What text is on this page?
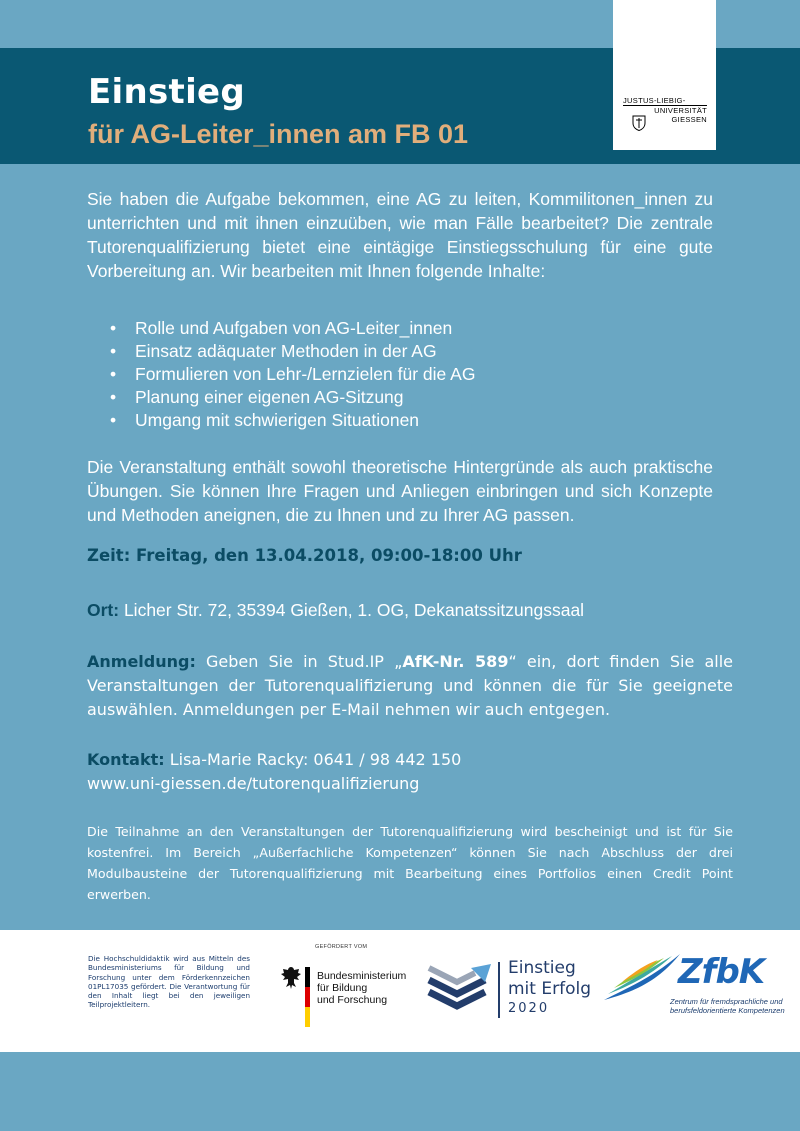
Einstieg
für AG-Leiter_innen am FB 01
JUSTUS-LIEBIG-
UNIVERSITÄT
GIESSEN
Sie haben die Aufgabe bekommen, eine AG zu leiten, Kommilitonen_innen zu unterrichten und mit ihnen einzuüben, wie man Fälle bearbeitet? Die zentrale Tutorenqualifizierung bietet eine eintägige Einstiegsschulung für eine gute Vorbereitung an. Wir bearbeiten mit Ihnen folgende Inhalte:
• Rolle und Aufgaben von AG-Leiter_innen
• Einsatz adäquater Methoden in der AG
• Formulieren von Lehr-/Lernzielen für die AG
• Planung einer eigenen AG-Sitzung
• Umgang mit schwierigen Situationen
Die Veranstaltung enthält sowohl theoretische Hintergründe als auch praktische Übungen. Sie können Ihre Fragen und Anliegen einbringen und sich Konzepte und Methoden aneignen, die zu Ihnen und zu Ihrer AG passen.
Zeit: Freitag, den 13.04.2018, 09:00-18:00 Uhr
Ort: Licher Str. 72, 35394 Gießen, 1. OG, Dekanatssitzungssaal
Anmeldung: Geben Sie in Stud.IP „AfK-Nr. 589“ ein, dort finden Sie alle Veranstaltungen der Tutorenqualifizierung und können die für Sie geeignete auswählen. Anmeldungen per E-Mail nehmen wir auch entgegen.
Kontakt: Lisa-Marie Racky: 0641 / 98 442 150
www.uni-giessen.de/tutorenqualifizierung
Die Teilnahme an den Veranstaltungen der Tutorenqualifizierung wird bescheinigt und ist für Sie kostenfrei. Im Bereich „Außerfachliche Kompetenzen“ können Sie nach Abschluss der drei Modulbausteine der Tutorenqualifizierung mit Bearbeitung eines Portfolios einen Credit Point erwerben.
Die Hochschuldidaktik wird aus Mitteln des Bundesministeriums für Bildung und Forschung unter dem Förderkennzeichen 01PL17035 gefördert. Die Verantwortung für den Inhalt liegt bei den jeweiligen Teilprojektleitern.
GEFÖRDERT VOM
Bundesministerium
für Bildung
und Forschung
Einstieg
mit Erfolg
2020
ZfbK
Zentrum für fremdsprachliche und berufsfeldorientierte Kompetenzen
